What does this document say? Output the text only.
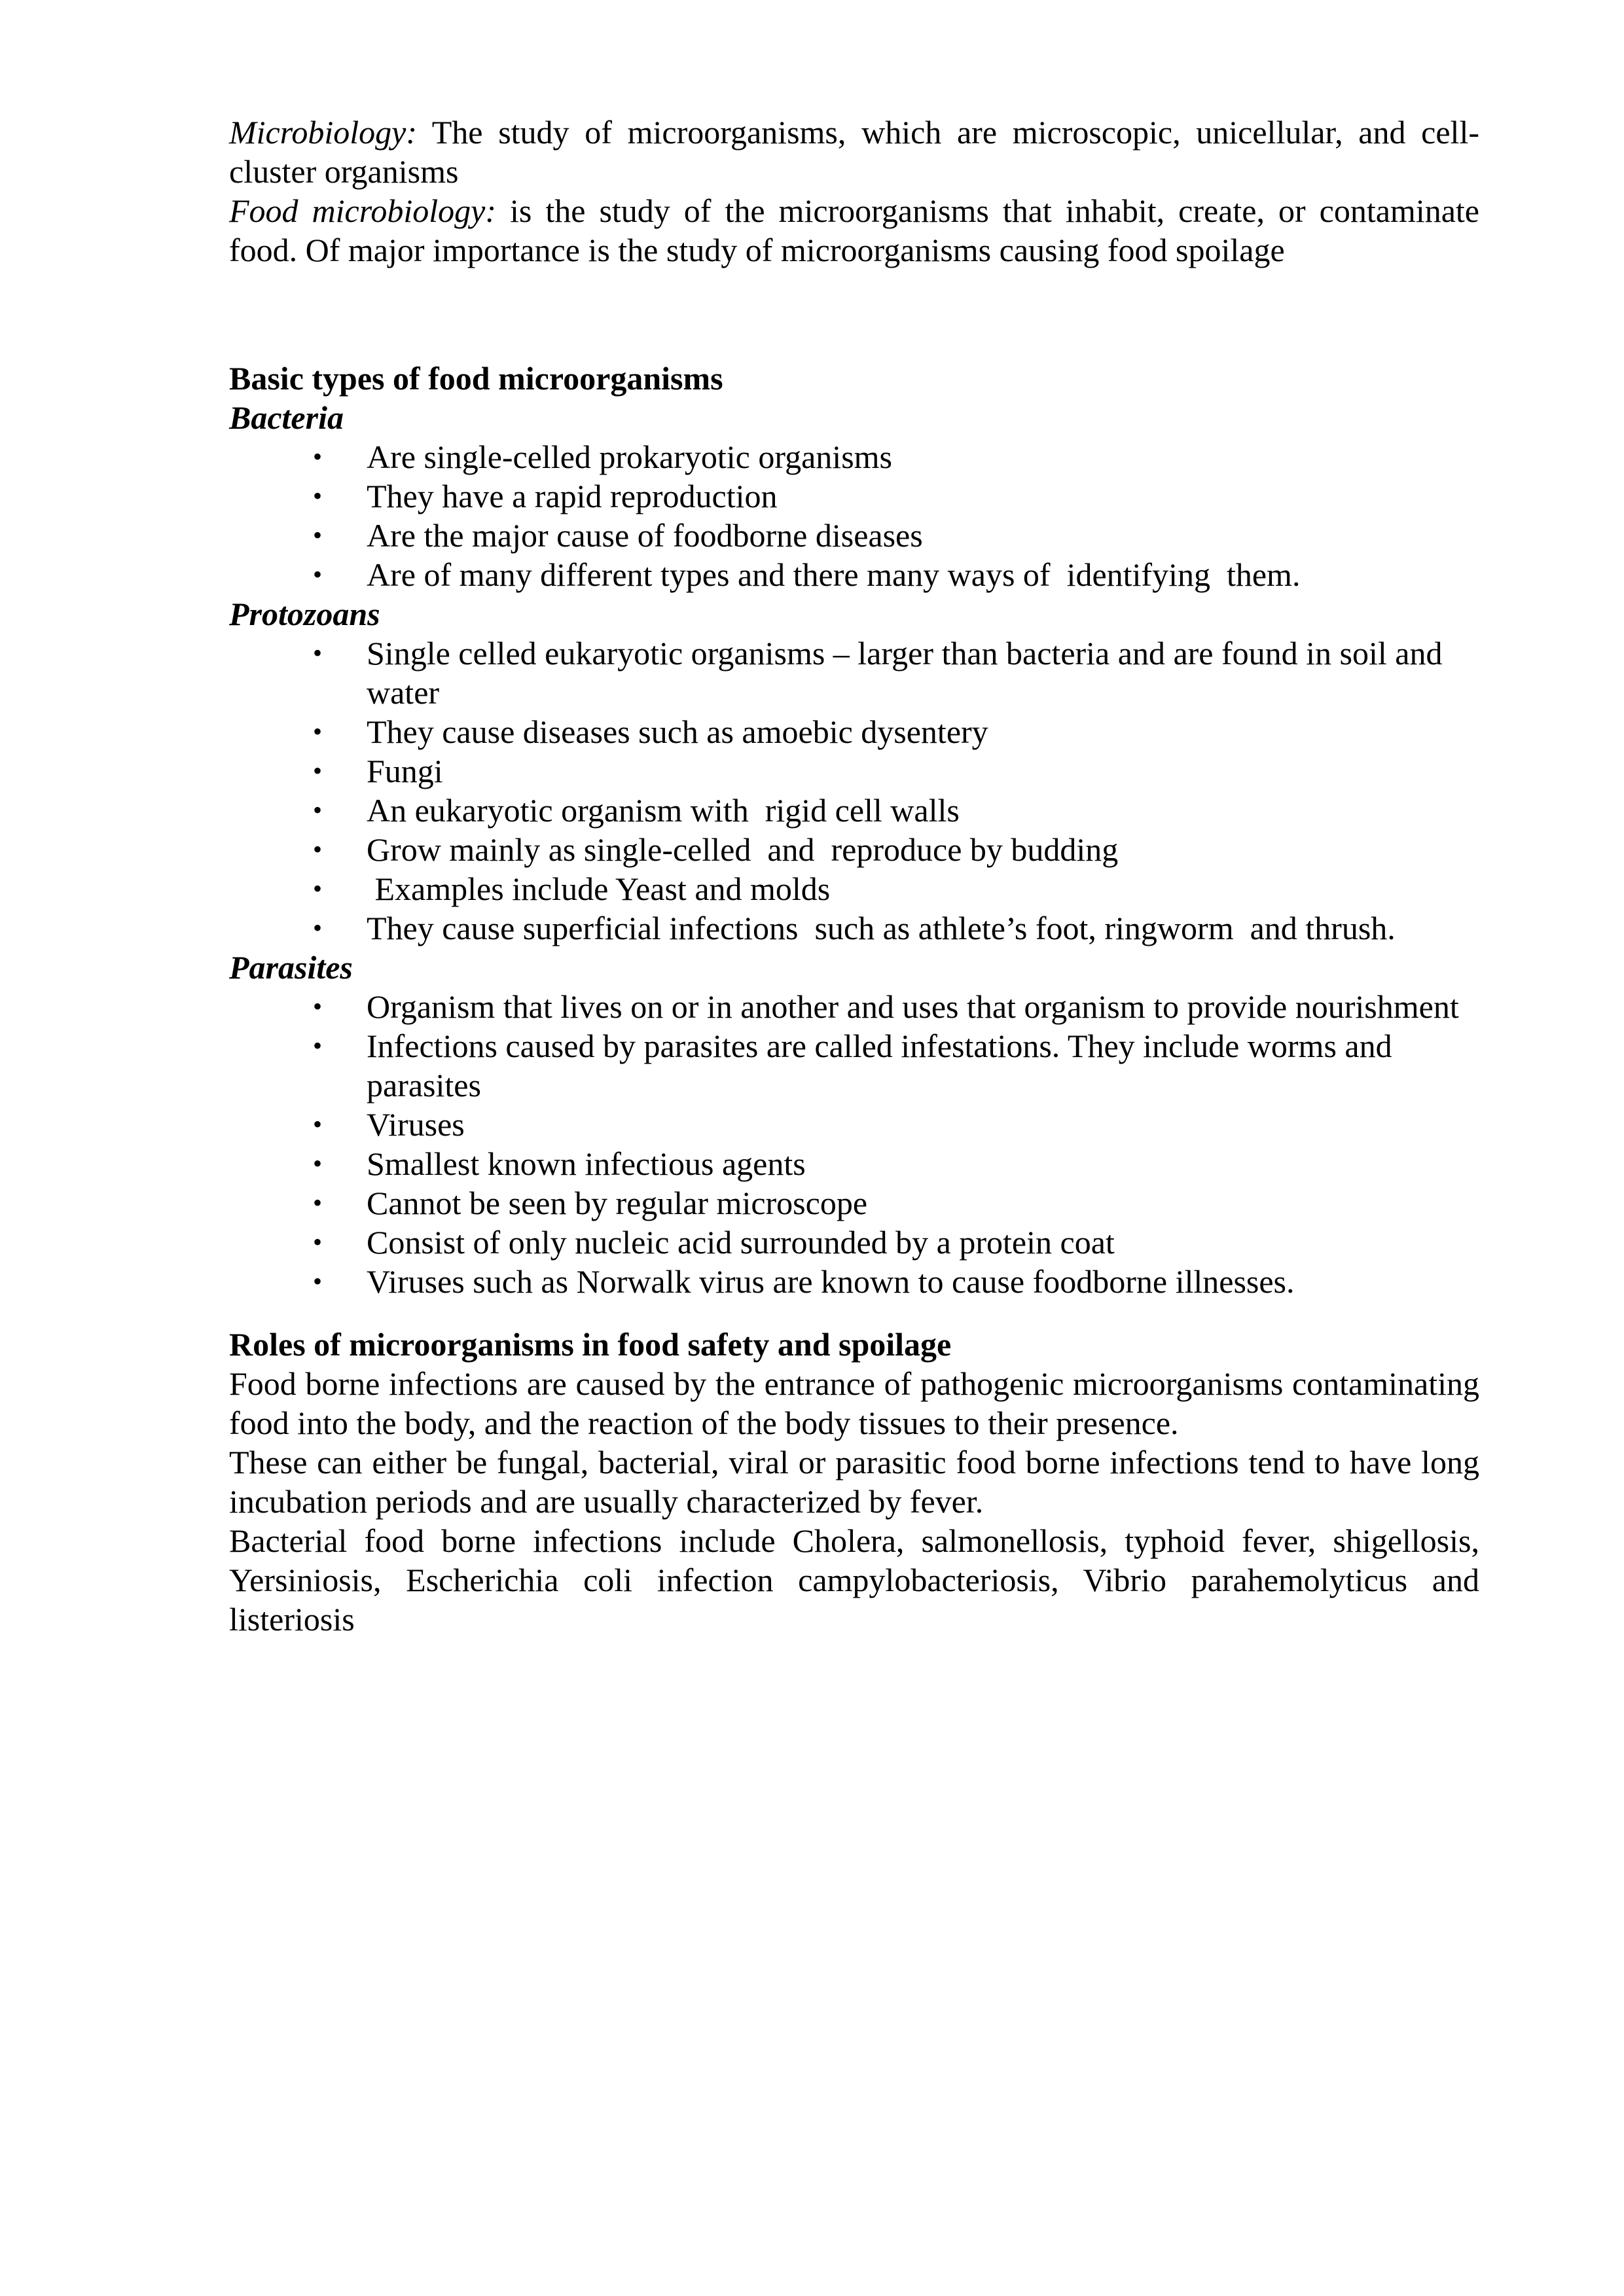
Microbiology: The study of microorganisms, which are microscopic, unicellular, and cell-cluster organisms

Food microbiology: is the study of the microorganisms that inhabit, create, or contaminate food. Of major importance is the study of microorganisms causing food spoilage

Basic types of food microorganisms

Bacteria

• Are single-celled prokaryotic organisms
• They have a rapid reproduction
• Are the major cause of foodborne diseases
• Are of many different types and there many ways of  identifying  them.

Protozoans

• Single celled eukaryotic organisms – larger than bacteria and are found in soil and water
• They cause diseases such as amoebic dysentery
• Fungi
• An eukaryotic organism with  rigid cell walls
• Grow mainly as single-celled  and  reproduce by budding
• Examples include Yeast and molds
• They cause superficial infections  such as athlete’s foot, ringworm  and thrush.

Parasites

• Organism that lives on or in another and uses that organism to provide nourishment
• Infections caused by parasites are called infestations. They include worms and parasites
• Viruses
• Smallest known infectious agents
• Cannot be seen by regular microscope
• Consist of only nucleic acid surrounded by a protein coat
• Viruses such as Norwalk virus are known to cause foodborne illnesses.

Roles of microorganisms in food safety and spoilage

Food borne infections are caused by the entrance of pathogenic microorganisms contaminating food into the body, and the reaction of the body tissues to their presence.

These can either be fungal, bacterial, viral or parasitic food borne infections tend to have long incubation periods and are usually characterized by fever.

Bacterial food borne infections include Cholera, salmonellosis, typhoid fever, shigellosis, Yersiniosis, Escherichia coli infection campylobacteriosis, Vibrio parahemolyticus and listeriosis
